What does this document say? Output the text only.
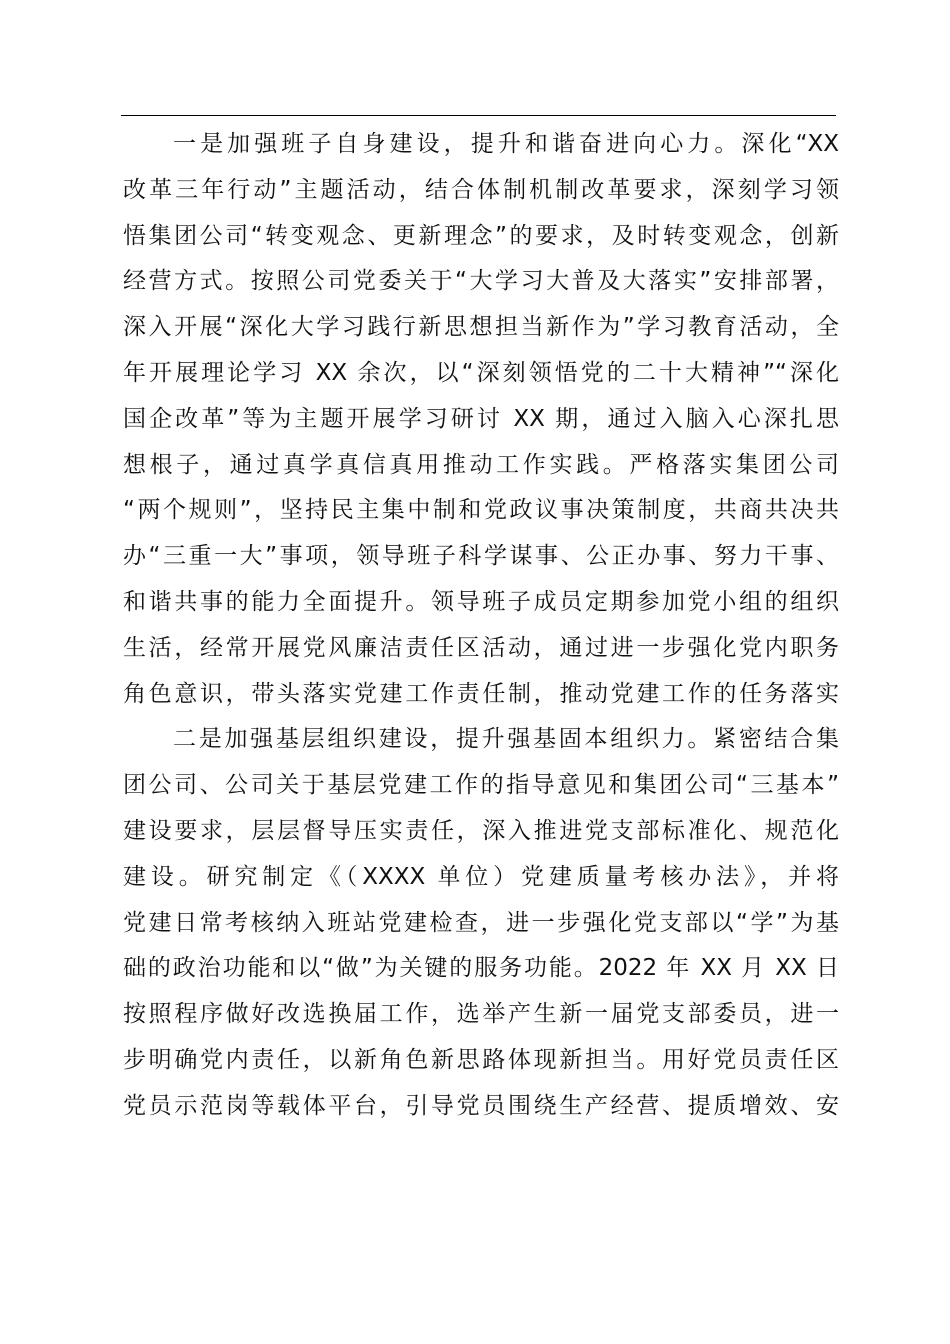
一是加强班子自身建设，提升和谐奋进向心力。深化“XX
改革三年行动”主题活动，结合体制机制改革要求，深刻学习领
悟集团公司“转变观念、更新理念”的要求，及时转变观念，创新
经营方式。按照公司党委关于“大学习大普及大落实”安排部署，
深入开展“深化大学习践行新思想担当新作为”学习教育活动，全
年开展理论学习 XX 余次，以“深刻领悟党的二十大精神”“深化
国企改革”等为主题开展学习研讨 XX 期，通过入脑入心深扎思
想根子，通过真学真信真用推动工作实践。严格落实集团公司
“两个规则”，坚持民主集中制和党政议事决策制度，共商共决共
办“三重一大”事项，领导班子科学谋事、公正办事、努力干事、
和谐共事的能力全面提升。领导班子成员定期参加党小组的组织
生活，经常开展党风廉洁责任区活动，通过进一步强化党内职务
角色意识，带头落实党建工作责任制，推动党建工作的任务落实
二是加强基层组织建设，提升强基固本组织力。紧密结合集
团公司、公司关于基层党建工作的指导意见和集团公司“三基本”
建设要求，层层督导压实责任，深入推进党支部标准化、规范化
建设。研究制定《（XXXX 单位）党建质量考核办法》，并将
党建日常考核纳入班站党建检查，进一步强化党支部以“学”为基
础的政治功能和以“做”为关键的服务功能。2022 年 XX 月 XX 日
按照程序做好改选换届工作，选举产生新一届党支部委员，进一
步明确党内责任，以新角色新思路体现新担当。用好党员责任区
党员示范岗等载体平台，引导党员围绕生产经营、提质增效、安
